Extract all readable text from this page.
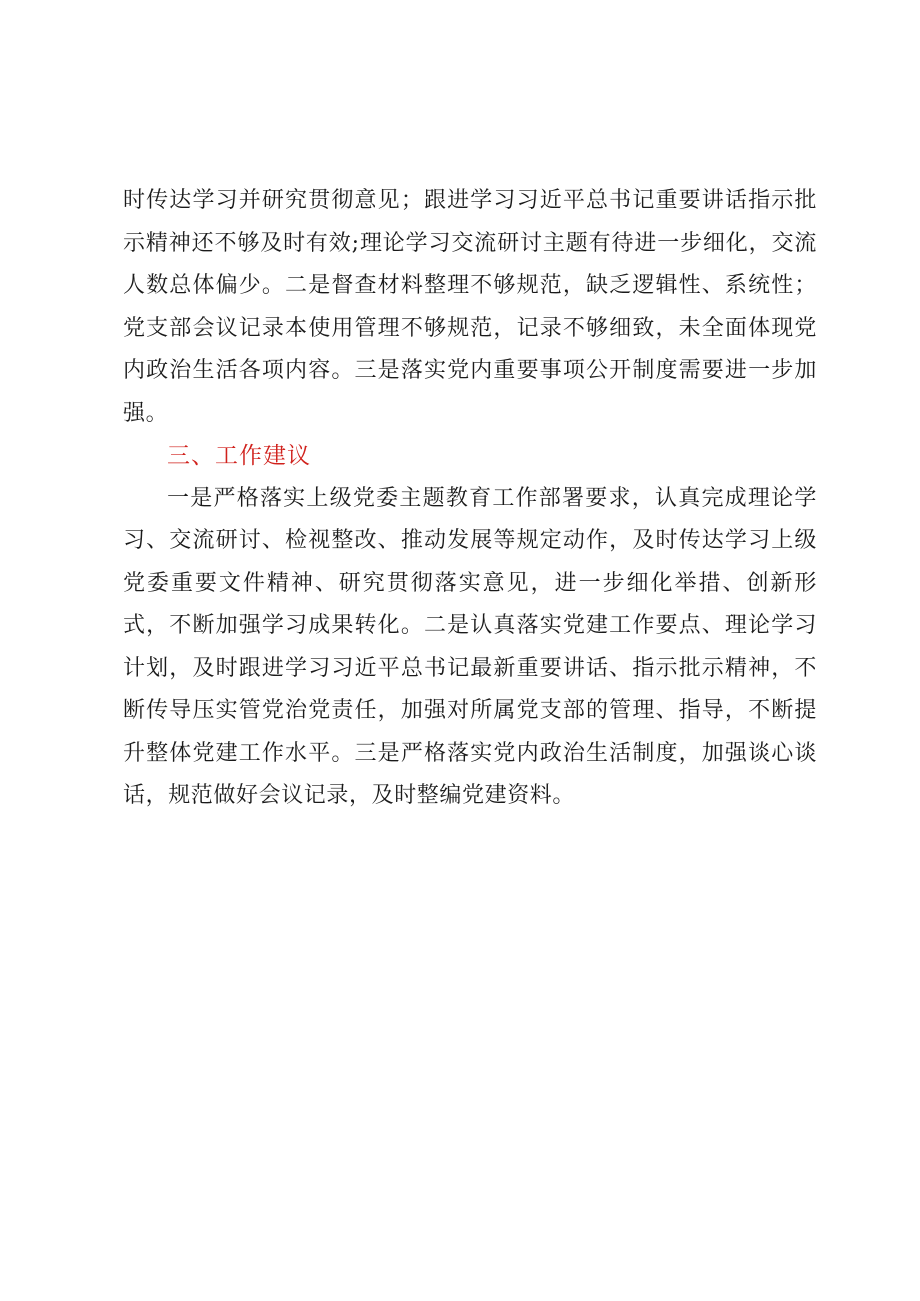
时传达学习并研究贯彻意见；跟进学习习近平总书记重要讲话指示批示精神还不够及时有效;理论学习交流研讨主题有待进一步细化，交流人数总体偏少。二是督查材料整理不够规范，缺乏逻辑性、系统性；党支部会议记录本使用管理不够规范，记录不够细致，未全面体现党内政治生活各项内容。三是落实党内重要事项公开制度需要进一步加强。

三、工作建议

一是严格落实上级党委主题教育工作部署要求，认真完成理论学习、交流研讨、检视整改、推动发展等规定动作，及时传达学习上级党委重要文件精神、研究贯彻落实意见，进一步细化举措、创新形式，不断加强学习成果转化。二是认真落实党建工作要点、理论学习计划，及时跟进学习习近平总书记最新重要讲话、指示批示精神，不断传导压实管党治党责任，加强对所属党支部的管理、指导，不断提升整体党建工作水平。三是严格落实党内政治生活制度，加强谈心谈话，规范做好会议记录，及时整编党建资料。
